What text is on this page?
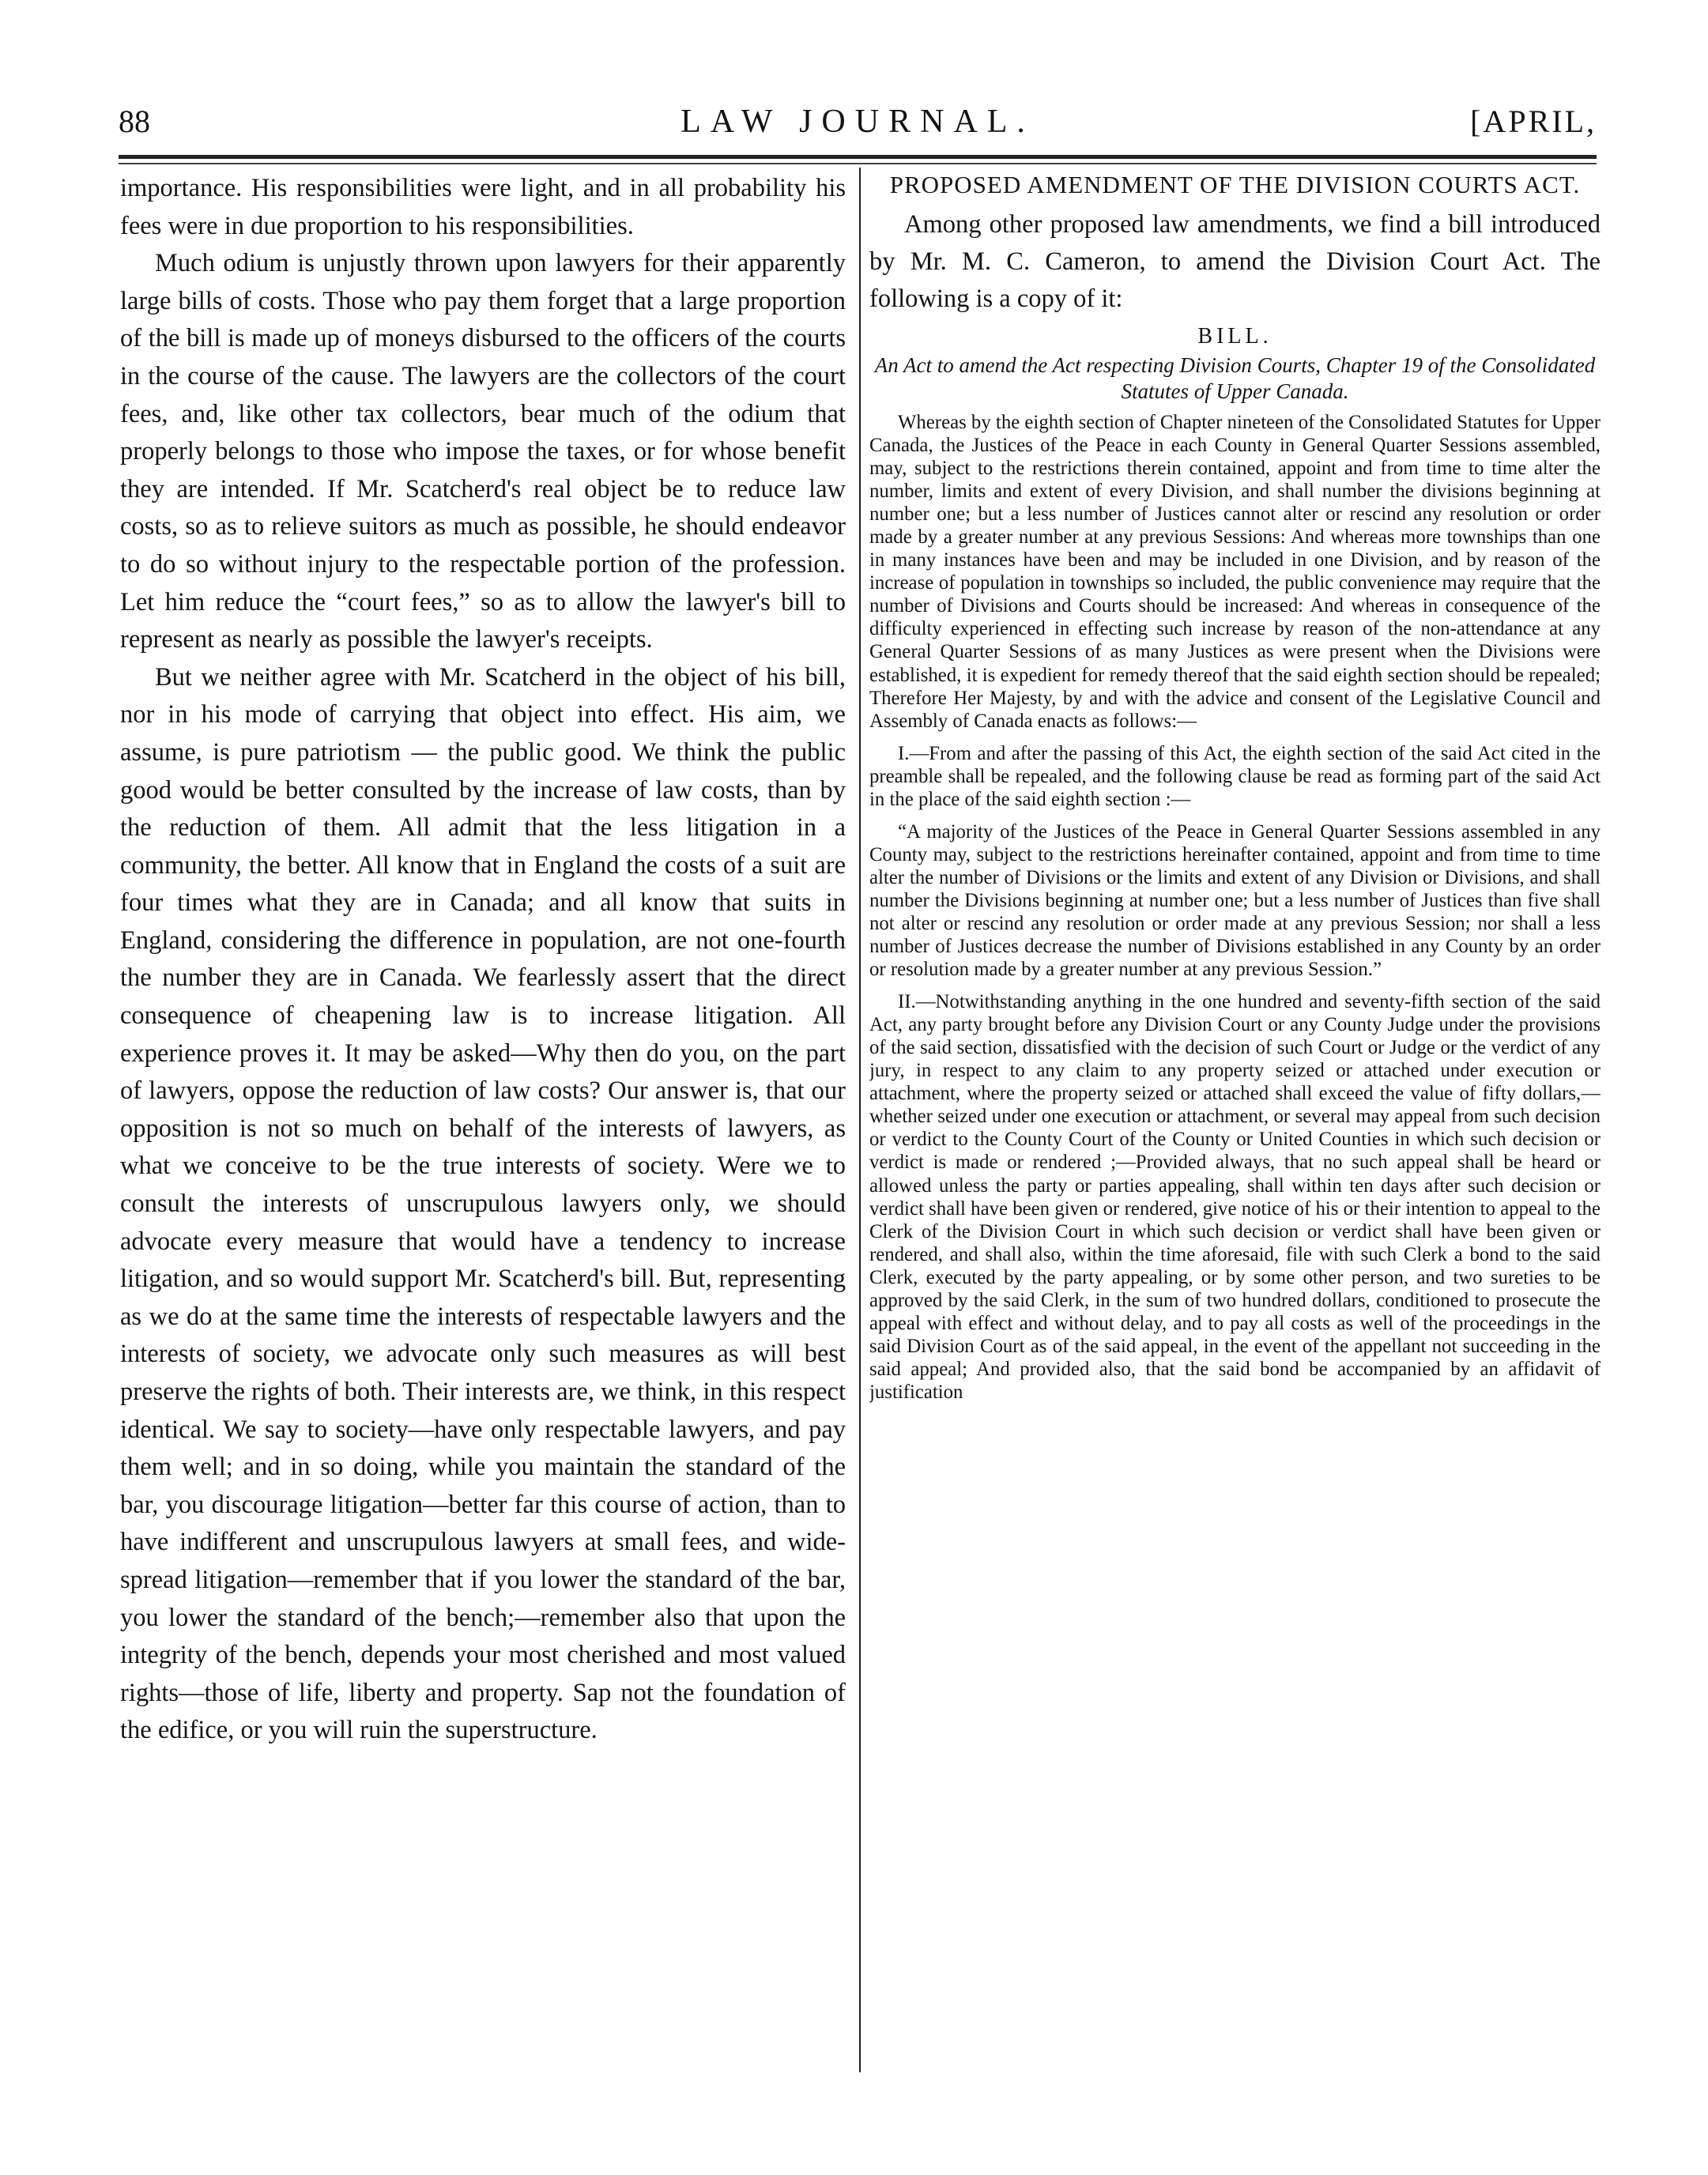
88	LAW JOURNAL.	[APRIL,

importance. His responsibilities were light, and in all probability his fees were in due proportion to his responsibilities.

Much odium is unjustly thrown upon lawyers for their apparently large bills of costs. Those who pay them forget that a large proportion of the bill is made up of moneys disbursed to the officers of the courts in the course of the cause. The lawyers are the collectors of the court fees, and, like other tax collectors, bear much of the odium that properly belongs to those who impose the taxes, or for whose benefit they are intended. If Mr. Scatcherd's real object be to reduce law costs, so as to relieve suitors as much as possible, he should endeavor to do so without injury to the respectable portion of the profession. Let him reduce the “court fees,” so as to allow the lawyer's bill to represent as nearly as possible the lawyer's receipts.

But we neither agree with Mr. Scatcherd in the object of his bill, nor in his mode of carrying that object into effect. His aim, we assume, is pure patriotism — the public good. We think the public good would be better consulted by the increase of law costs, than by the reduction of them. All admit that the less litigation in a community, the better. All know that in England the costs of a suit are four times what they are in Canada; and all know that suits in England, considering the difference in population, are not one-fourth the number they are in Canada. We fearlessly assert that the direct consequence of cheapening law is to increase litigation. All experience proves it. It may be asked—Why then do you, on the part of lawyers, oppose the reduction of law costs? Our answer is, that our opposition is not so much on behalf of the interests of lawyers, as what we conceive to be the true interests of society. Were we to consult the interests of unscrupulous lawyers only, we should advocate every measure that would have a tendency to increase litigation, and so would support Mr. Scatcherd's bill. But, representing as we do at the same time the interests of respectable lawyers and the interests of society, we advocate only such measures as will best preserve the rights of both. Their interests are, we think, in this respect identical. We say to society—have only respectable lawyers, and pay them well; and in so doing, while you maintain the standard of the bar, you discourage litigation—better far this course of action, than to have indifferent and unscrupulous lawyers at small fees, and wide-spread litigation—remember that if you lower the standard of the bar, you lower the standard of the bench;—remember also that upon the integrity of the bench, depends your most cherished and most valued rights—those of life, liberty and property. Sap not the foundation of the edifice, or you will ruin the superstructure.

PROPOSED AMENDMENT OF THE DIVISION COURTS ACT.

Among other proposed law amendments, we find a bill introduced by Mr. M. C. Cameron, to amend the Division Court Act. The following is a copy of it:

BILL.
An Act to amend the Act respecting Division Courts, Chapter 19 of the Consolidated Statutes of Upper Canada.

Whereas by the eighth section of Chapter nineteen of the Consolidated Statutes for Upper Canada, the Justices of the Peace in each County in General Quarter Sessions assembled, may, subject to the restrictions therein contained, appoint and from time to time alter the number, limits and extent of every Division, and shall number the divisions beginning at number one; but a less number of Justices cannot alter or rescind any resolution or order made by a greater number at any previous Sessions: And whereas more townships than one in many instances have been and may be included in one Division, and by reason of the increase of population in townships so included, the public convenience may require that the number of Divisions and Courts should be increased: And whereas in consequence of the difficulty experienced in effecting such increase by reason of the non-attendance at any General Quarter Sessions of as many Justices as were present when the Divisions were established, it is expedient for remedy thereof that the said eighth section should be repealed; Therefore Her Majesty, by and with the advice and consent of the Legislative Council and Assembly of Canada enacts as follows:—

I.—From and after the passing of this Act, the eighth section of the said Act cited in the preamble shall be repealed, and the following clause be read as forming part of the said Act in the place of the said eighth section :—

“A majority of the Justices of the Peace in General Quarter Sessions assembled in any County may, subject to the restrictions hereinafter contained, appoint and from time to time alter the number of Divisions or the limits and extent of any Division or Divisions, and shall number the Divisions beginning at number one; but a less number of Justices than five shall not alter or rescind any resolution or order made at any previous Session; nor shall a less number of Justices decrease the number of Divisions established in any County by an order or resolution made by a greater number at any previous Session.”

II.—Notwithstanding anything in the one hundred and seventy-fifth section of the said Act, any party brought before any Division Court or any County Judge under the provisions of the said section, dissatisfied with the decision of such Court or Judge or the verdict of any jury, in respect to any claim to any property seized or attached under execution or attachment, where the property seized or attached shall exceed the value of fifty dollars,—whether seized under one execution or attachment, or several may appeal from such decision or verdict to the County Court of the County or United Counties in which such decision or verdict is made or rendered ;—Provided always, that no such appeal shall be heard or allowed unless the party or parties appealing, shall within ten days after such decision or verdict shall have been given or rendered, give notice of his or their intention to appeal to the Clerk of the Division Court in which such decision or verdict shall have been given or rendered, and shall also, within the time aforesaid, file with such Clerk a bond to the said Clerk, executed by the party appealing, or by some other person, and two sureties to be approved by the said Clerk, in the sum of two hundred dollars, conditioned to prosecute the appeal with effect and without delay, and to pay all costs as well of the proceedings in the said Division Court as of the said appeal, in the event of the appellant not succeeding in the said appeal; And provided also, that the said bond be accompanied by an affidavit of justification
